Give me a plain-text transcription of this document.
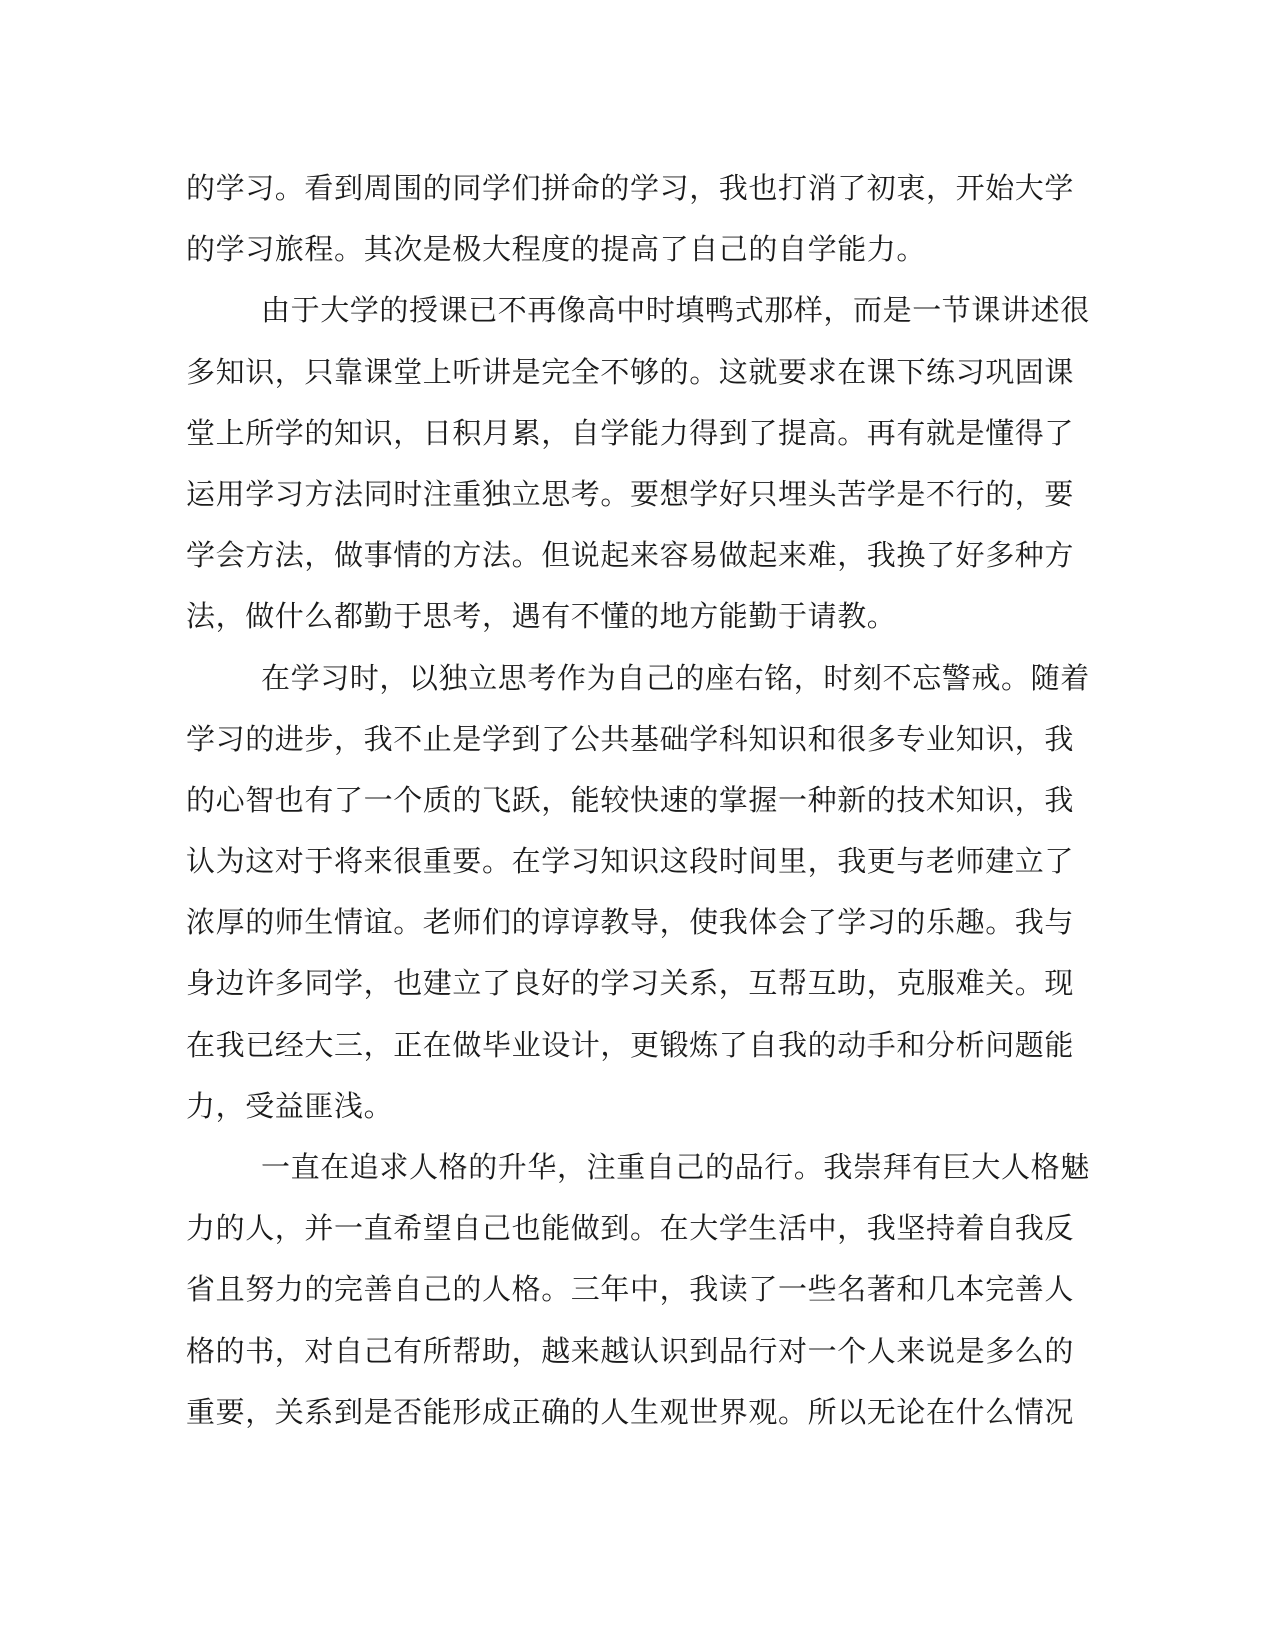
的学习。看到周围的同学们拼命的学习，我也打消了初衷，开始大学
的学习旅程。其次是极大程度的提高了自己的自学能力。
由于大学的授课已不再像高中时填鸭式那样，而是一节课讲述很
多知识，只靠课堂上听讲是完全不够的。这就要求在课下练习巩固课
堂上所学的知识，日积月累，自学能力得到了提高。再有就是懂得了
运用学习方法同时注重独立思考。要想学好只埋头苦学是不行的，要
学会方法，做事情的方法。但说起来容易做起来难，我换了好多种方
法，做什么都勤于思考，遇有不懂的地方能勤于请教。
在学习时，以独立思考作为自己的座右铭，时刻不忘警戒。随着
学习的进步，我不止是学到了公共基础学科知识和很多专业知识，我
的心智也有了一个质的飞跃，能较快速的掌握一种新的技术知识，我
认为这对于将来很重要。在学习知识这段时间里，我更与老师建立了
浓厚的师生情谊。老师们的谆谆教导，使我体会了学习的乐趣。我与
身边许多同学，也建立了良好的学习关系，互帮互助，克服难关。现
在我已经大三，正在做毕业设计，更锻炼了自我的动手和分析问题能
力，受益匪浅。
一直在追求人格的升华，注重自己的品行。我崇拜有巨大人格魅
力的人，并一直希望自己也能做到。在大学生活中，我坚持着自我反
省且努力的完善自己的人格。三年中，我读了一些名著和几本完善人
格的书，对自己有所帮助，越来越认识到品行对一个人来说是多么的
重要，关系到是否能形成正确的人生观世界观。所以无论在什么情况
